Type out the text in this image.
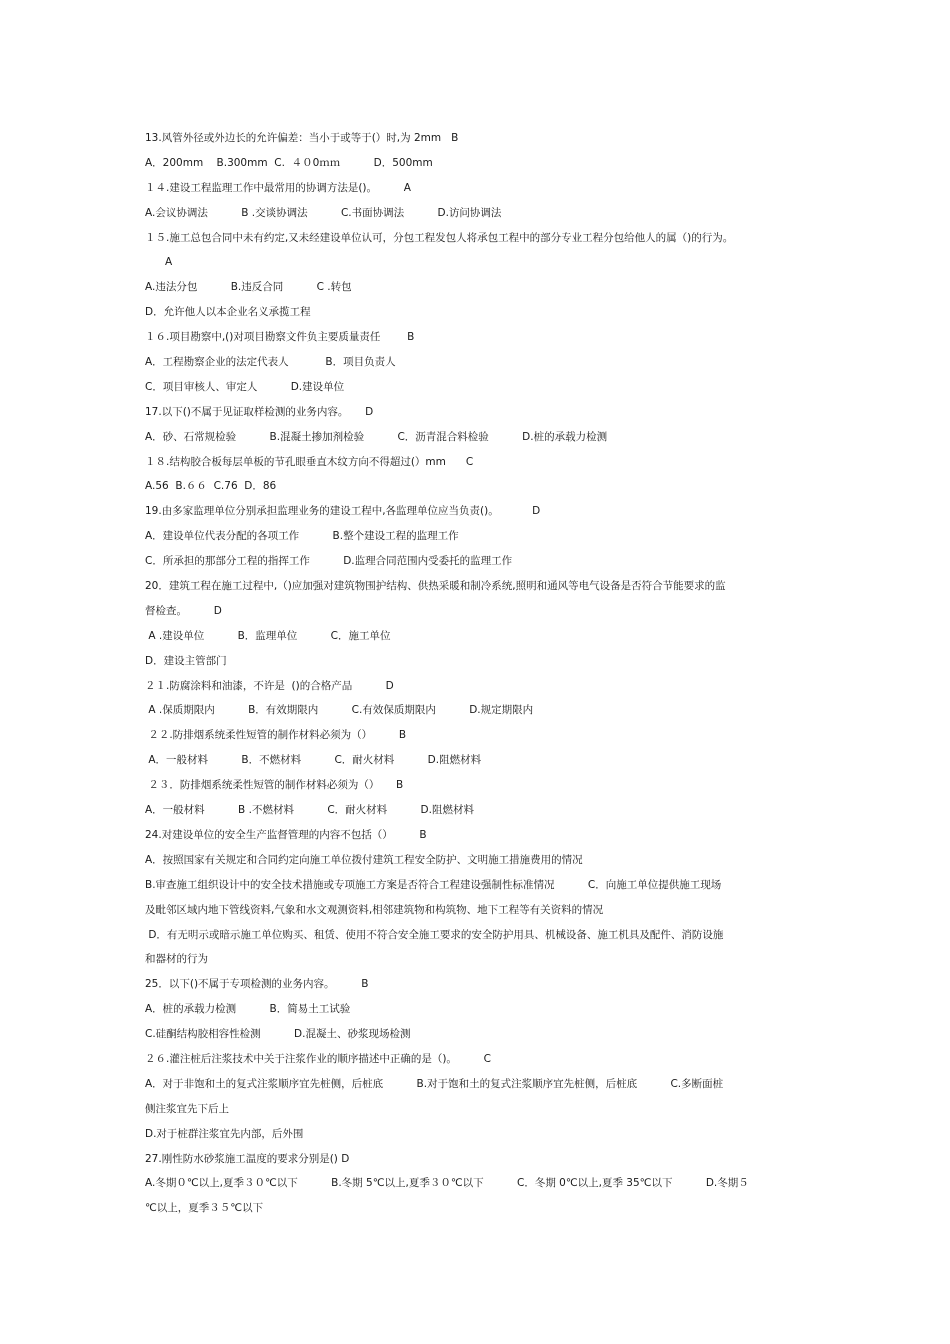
13.风管外径或外边长的允许偏差：当小于或等于(）时,为 2mm   B
A．200mm    B.300mm  C.  ４０0ｍｍ          D．500mm
１４.建设工程监理工作中最常用的协调方法是()。        A
A.会议协调法          B .交谈协调法          C.书面协调法          D.访问协调法
１５.施工总包合同中未有约定,又未经建设单位认可，分包工程发包人将承包工程中的部分专业工程分包给他人的属（)的行为。
A
A.违法分包          B.违反合同          C .转包
D．允许他人以本企业名义承揽工程
１６.项目勘察中,()对项目勘察文件负主要质量责任        B
A．工程勘察企业的法定代表人           B．项目负责人
C．项目审核人、审定人          D.建设单位
17.以下()不属于见证取样检测的业务内容。     D
A．砂、石常规检验          B.混凝土掺加剂检验          C．沥青混合料检验          D.桩的承载力检测
１８.结构胶合板每层单板的节孔眼垂直木纹方向不得超过(）mm      C
A.56  B.６６  C.76  D．86
19.由多家监理单位分别承担监理业务的建设工程中,各监理单位应当负责()。          D
A．建设单位代表分配的各项工作          B.整个建设工程的监理工作
C．所承担的那部分工程的指挥工作          D.监理合同范围内受委托的监理工作
20．建筑工程在施工过程中,（)应加强对建筑物围护结构、供热采暖和制冷系统,照明和通风等电气设备是否符合节能要求的监
督检查。        D
A .建设单位          B．监理单位          C．施工单位
D．建设主管部门
２１.防腐涂料和油漆，不许是  ()的合格产品          D
A .保质期限内          B．有效期限内          C.有效保质期限内          D.规定期限内
２２.防排烟系统柔性短管的制作材料必须为（）        B
A．一般材料          B．不燃材料          C．耐火材料          D.阻燃材料
２３．防排烟系统柔性短管的制作材料必须为（）     B
A．一般材料          B .不燃材料          C．耐火材料          D.阻燃材料
24.对建设单位的安全生产监督管理的内容不包括（）        B
A．按照国家有关规定和合同约定向施工单位拨付建筑工程安全防护、文明施工措施费用的情况
B.审查施工组织设计中的安全技术措施或专项施工方案是否符合工程建设强制性标准情况          C．向施工单位提供施工现场
及毗邻区域内地下管线资料,气象和水文观测资料,相邻建筑物和构筑物、地下工程等有关资料的情况
D．有无明示或暗示施工单位购买、租赁、使用不符合安全施工要求的安全防护用具、机械设备、施工机具及配件、消防设施
和器材的行为
25．以下()不属于专项检测的业务内容。        B
A．桩的承载力检测          B．简易土工试验
C.硅酮结构胶相容性检测          D.混凝土、砂浆现场检测
２６.灌注桩后注浆技术中关于注浆作业的顺序描述中正确的是（)。        C
A．对于非饱和土的复式注浆顺序宜先桩侧，后桩底          B.对于饱和土的复式注浆顺序宜先桩侧，后桩底          C.多断面桩
侧注浆宜先下后上
D.对于桩群注浆宜先内部，后外围
27.刚性防水砂浆施工温度的要求分别是() D
A.冬期０℃以上,夏季３０℃以下          B.冬期 5℃以上,夏季３０℃以下          C．冬期 0℃以上,夏季 35℃以下          D.冬期５
℃以上，夏季３５℃以下
